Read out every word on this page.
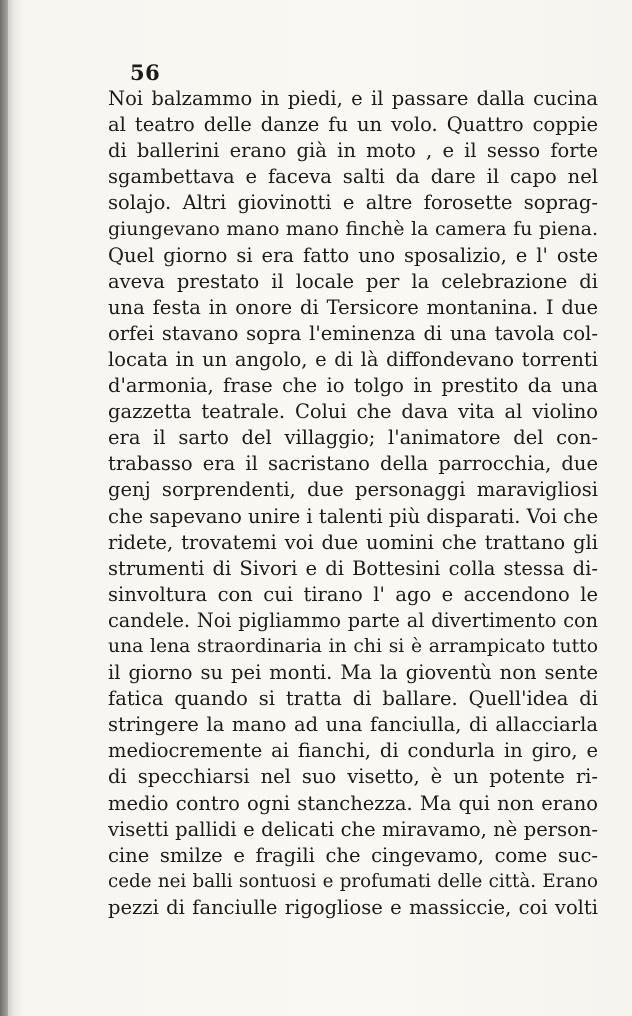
56
Noi balzammo in piedi, e il passare dalla cucina
al teatro delle danze fu un volo. Quattro coppie
di ballerini erano già in moto , e il sesso forte
sgambettava e faceva salti da dare il capo nel
solajo. Altri giovinotti e altre forosette soprag-
giungevano mano mano finchè la camera fu piena.
Quel giorno si era fatto uno sposalizio, e l' oste
aveva prestato il locale per la celebrazione di
una festa in onore di Tersicore montanina. I due
orfei stavano sopra l'eminenza di una tavola col-
locata in un angolo, e di là diffondevano torrenti
d'armonia, frase che io tolgo in prestito da una
gazzetta teatrale. Colui che dava vita al violino
era il sarto del villaggio; l'animatore del con-
trabasso era il sacristano della parrocchia, due
genj sorprendenti, due personaggi maravigliosi
che sapevano unire i talenti più disparati. Voi che
ridete, trovatemi voi due uomini che trattano gli
strumenti di Sivori e di Bottesini colla stessa di-
sinvoltura con cui tirano l' ago e accendono le
candele. Noi pigliammo parte al divertimento con
una lena straordinaria in chi si è arrampicato tutto
il giorno su pei monti. Ma la gioventù non sente
fatica quando si tratta di ballare. Quell'idea di
stringere la mano ad una fanciulla, di allacciarla
mediocremente ai fianchi, di condurla in giro, e
di specchiarsi nel suo visetto, è un potente ri-
medio contro ogni stanchezza. Ma qui non erano
visetti pallidi e delicati che miravamo, nè person-
cine smilze e fragili che cingevamo, come suc-
cede nei balli sontuosi e profumati delle città. Erano
pezzi di fanciulle rigogliose e massiccie, coi volti
